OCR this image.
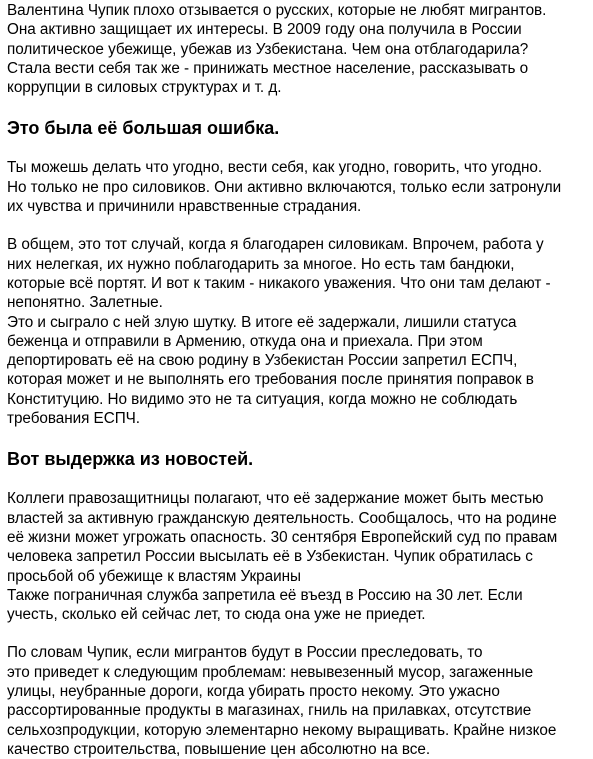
Валентина Чупик плохо отзывается о русских, которые не любят мигрантов.
Она активно защищает их интересы. В 2009 году она получила в России
политическое убежище, убежав из Узбекистана. Чем она отблагодарила?
Стала вести себя так же - принижать местное население, рассказывать о
коррупции в силовых структурах и т. д.

Это была её большая ошибка.

Ты можешь делать что угодно, вести себя, как угодно, говорить, что угодно.
Но только не про силовиков. Они активно включаются, только если затронули
их чувства и причинили нравственные страдания.

В общем, это тот случай, когда я благодарен силовикам. Впрочем, работа у
них нелегкая, их нужно поблагодарить за многое. Но есть там бандюки,
которые всё портят. И вот к таким - никакого уважения. Что они там делают -
непонятно. Залетные.
Это и сыграло с ней злую шутку. В итоге её задержали, лишили статуса
беженца и отправили в Армению, откуда она и приехала. При этом
депортировать её на свою родину в Узбекистан России запретил ЕСПЧ,
которая может и не выполнять его требования после принятия поправок в
Конституцию. Но видимо это не та ситуация, когда можно не соблюдать
требования ЕСПЧ.

Вот выдержка из новостей.

Коллеги правозащитницы полагают, что её задержание может быть местью
властей за активную гражданскую деятельность. Сообщалось, что на родине
её жизни может угрожать опасность. 30 сентября Европейский суд по правам
человека запретил России высылать её в Узбекистан. Чупик обратилась с
просьбой об убежище к властям Украины
Также пограничная служба запретила её въезд в Россию на 30 лет. Если
учесть, сколько ей сейчас лет, то сюда она уже не приедет.

По словам Чупик, если мигрантов будут в России преследовать, то
это приведет к следующим проблемам: невывезенный мусор, загаженные
улицы, неубранные дороги, когда убирать просто некому. Это ужасно
рассортированные продукты в магазинах, гниль на прилавках, отсутствие
сельхозпродукции, которую элементарно некому выращивать. Крайне низкое
качество строительства, повышение цен абсолютно на все.
